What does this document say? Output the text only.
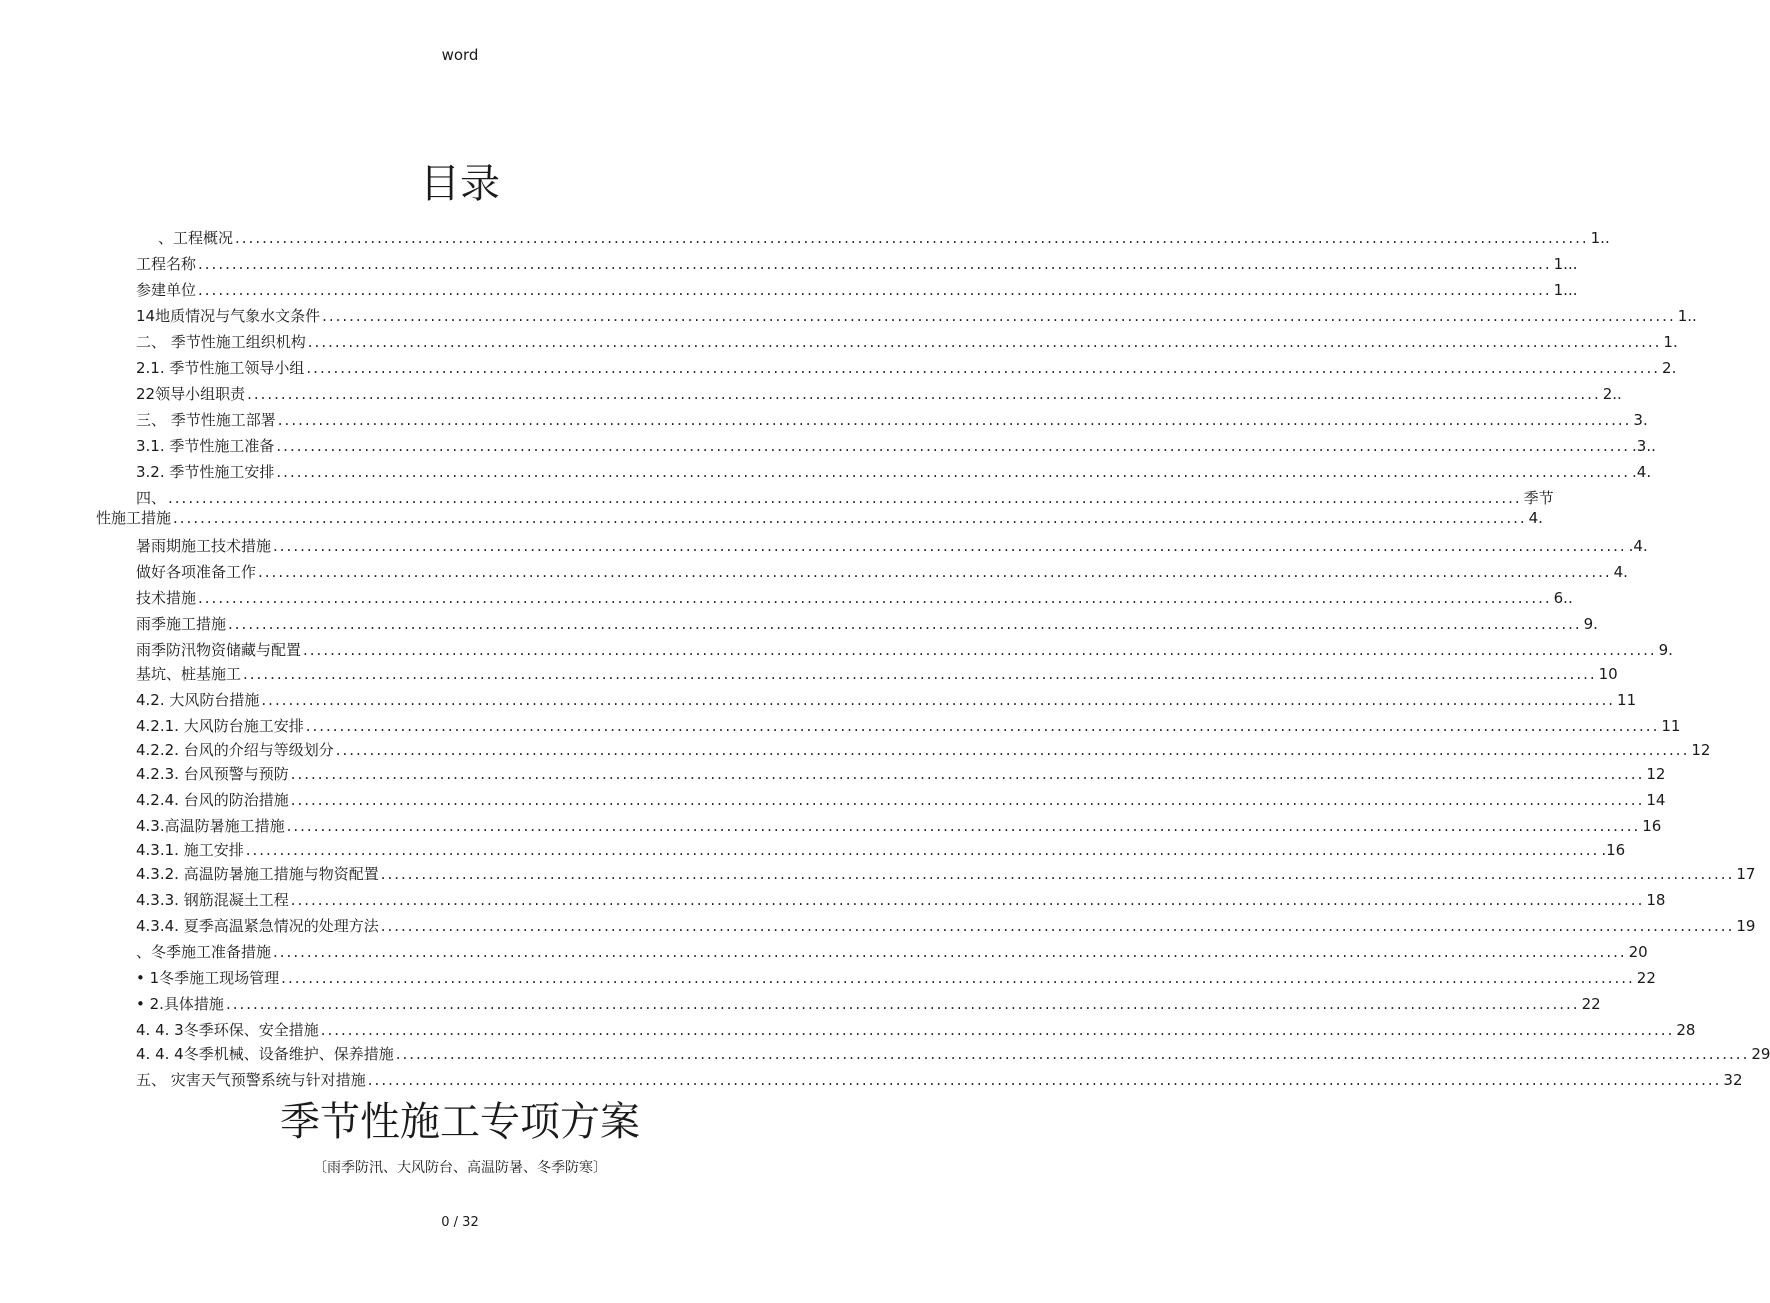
word
目录
、工程概况 ........................................................................................................................................................................................................ 1..
工程名称 ........................................................................................................................................................................................................ 1...
参建单位 ........................................................................................................................................................................................................ 1...
14地质情况与气象水文条件 ........................................................................................................................................................................................................ 1..
二、 季节性施工组织机构 ........................................................................................................................................................................................................ 1.
2.1. 季节性施工领导小组 ........................................................................................................................................................................................................ 2.
22领导小组职责 ........................................................................................................................................................................................................ 2..
三、 季节性施工部署 ........................................................................................................................................................................................................ 3.
3.1. 季节性施工准备 ........................................................................................................................................................................................................ .3..
3.2. 季节性施工安排 ........................................................................................................................................................................................................ .4.
四、 ........................................................................................................................................................................................................ 季节
性施工措施 ........................................................................................................................................................................................................ 4.
暑雨期施工技术措施 ........................................................................................................................................................................................................ .4.
做好各项准备工作 ........................................................................................................................................................................................................ 4.
技术措施 ........................................................................................................................................................................................................ 6..
雨季施工措施 ........................................................................................................................................................................................................ 9.
雨季防汛物资储藏与配置 ........................................................................................................................................................................................................ 9.
基坑、桩基施工 ........................................................................................................................................................................................................ 10
4.2. 大风防台措施 ........................................................................................................................................................................................................ 11
4.2.1. 大风防台施工安排 ........................................................................................................................................................................................................ 11
4.2.2. 台风的介绍与等级划分 ........................................................................................................................................................................................................ 12
4.2.3. 台风预警与预防 ........................................................................................................................................................................................................ 12
4.2.4. 台风的防治措施 ........................................................................................................................................................................................................ 14
4.3.高温防暑施工措施 ........................................................................................................................................................................................................ 16
4.3.1. 施工安排 ........................................................................................................................................................................................................ .16
4.3.2. 高温防暑施工措施与物资配置 ........................................................................................................................................................................................................ 17
4.3.3. 钢筋混凝土工程 ........................................................................................................................................................................................................ 18
4.3.4. 夏季高温紧急情况的处理方法 ........................................................................................................................................................................................................ 19
、冬季施工准备措施 ........................................................................................................................................................................................................ 20
• 1冬季施工现场管理 ........................................................................................................................................................................................................ 22
• 2.具体措施 ........................................................................................................................................................................................................ 22
4. 4. 3冬季环保、安全措施 ........................................................................................................................................................................................................ 28
4. 4. 4冬季机械、设备维护、保养措施 ........................................................................................................................................................................................................ 29
五、 灾害天气预警系统与针对措施 ........................................................................................................................................................................................................ 32
季节性施工专项方案
〔雨季防汛、大风防台、高温防暑、冬季防寒〕
0 / 32
